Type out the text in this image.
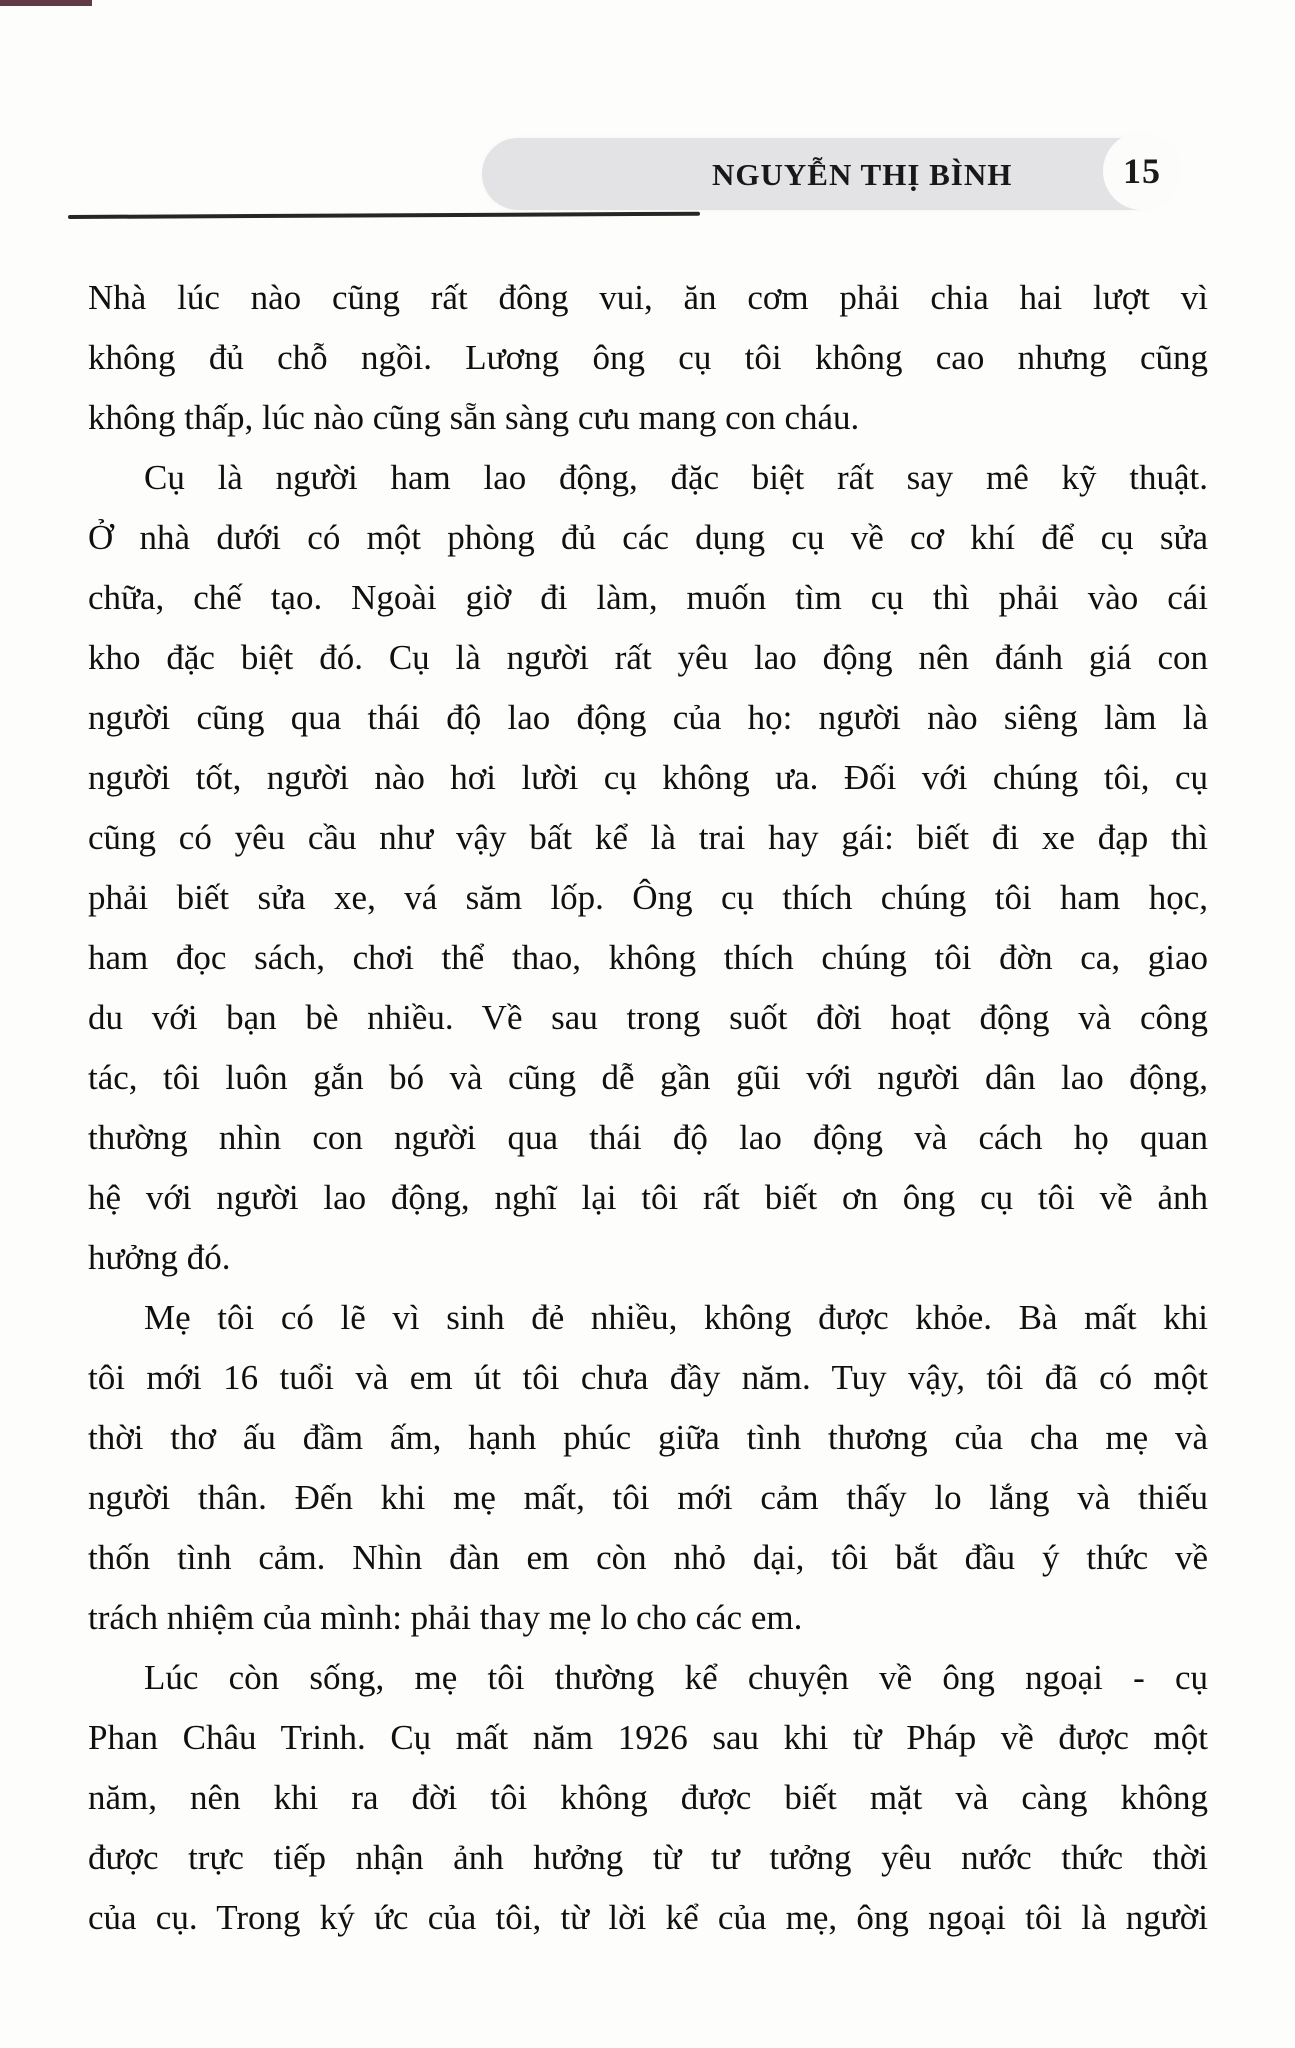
NGUYỄN THỊ BÌNH	15
Nhà lúc nào cũng rất đông vui, ăn cơm phải chia hai lượt vì
không đủ chỗ ngồi. Lương ông cụ tôi không cao nhưng cũng
không thấp, lúc nào cũng sẵn sàng cưu mang con cháu.
Cụ là người ham lao động, đặc biệt rất say mê kỹ thuật.
Ở nhà dưới có một phòng đủ các dụng cụ về cơ khí để cụ sửa
chữa, chế tạo. Ngoài giờ đi làm, muốn tìm cụ thì phải vào cái
kho đặc biệt đó. Cụ là người rất yêu lao động nên đánh giá con
người cũng qua thái độ lao động của họ: người nào siêng làm là
người tốt, người nào hơi lười cụ không ưa. Đối với chúng tôi, cụ
cũng có yêu cầu như vậy bất kể là trai hay gái: biết đi xe đạp thì
phải biết sửa xe, vá săm lốp. Ông cụ thích chúng tôi ham học,
ham đọc sách, chơi thể thao, không thích chúng tôi đờn ca, giao
du với bạn bè nhiều. Về sau trong suốt đời hoạt động và công
tác, tôi luôn gắn bó và cũng dễ gần gũi với người dân lao động,
thường nhìn con người qua thái độ lao động và cách họ quan
hệ với người lao động, nghĩ lại tôi rất biết ơn ông cụ tôi về ảnh
hưởng đó.
Mẹ tôi có lẽ vì sinh đẻ nhiều, không được khỏe. Bà mất khi
tôi mới 16 tuổi và em út tôi chưa đầy năm. Tuy vậy, tôi đã có một
thời thơ ấu đầm ấm, hạnh phúc giữa tình thương của cha mẹ và
người thân. Đến khi mẹ mất, tôi mới cảm thấy lo lắng và thiếu
thốn tình cảm. Nhìn đàn em còn nhỏ dại, tôi bắt đầu ý thức về
trách nhiệm của mình: phải thay mẹ lo cho các em.
Lúc còn sống, mẹ tôi thường kể chuyện về ông ngoại - cụ
Phan Châu Trinh. Cụ mất năm 1926 sau khi từ Pháp về được một
năm, nên khi ra đời tôi không được biết mặt và càng không
được trực tiếp nhận ảnh hưởng từ tư tưởng yêu nước thức thời
của cụ. Trong ký ức của tôi, từ lời kể của mẹ, ông ngoại tôi là người
